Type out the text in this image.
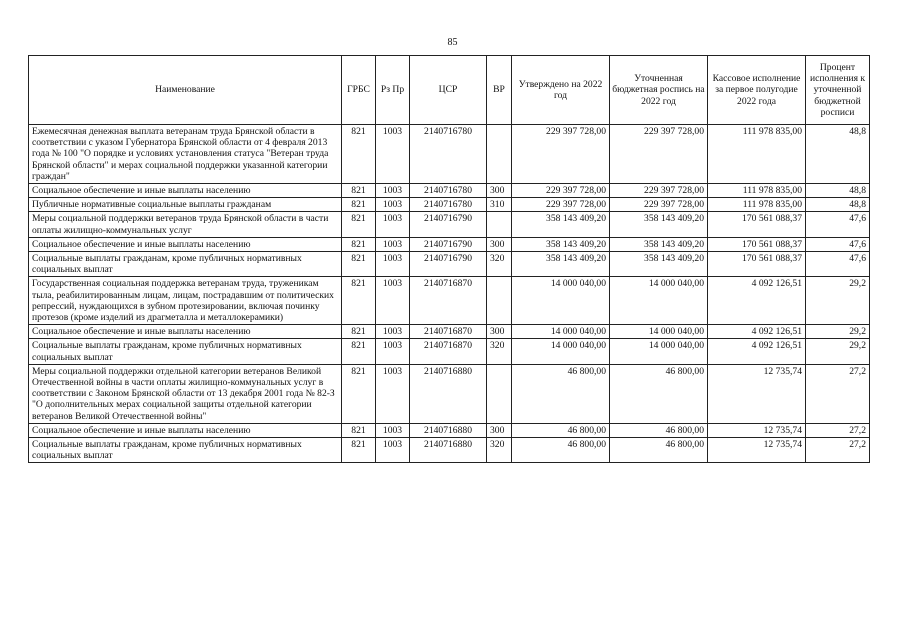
85
Наименование	ГРБС	Рз Пр	ЦСР	ВР	Утверждено на 2022 год	Уточненная бюджетная роспись на 2022 год	Кассовое исполнение за первое полугодие 2022 года	Процент исполнения к уточненной бюджетной росписи
Ежемесячная денежная выплата ветеранам труда Брянской области в соответствии с указом Губернатора Брянской области от 4 февраля 2013 года № 100 "О порядке и условиях установления статуса "Ветеран труда Брянской области" и мерах социальной поддержки указанной категории граждан"	821	1003	2140716780		229 397 728,00	229 397 728,00	111 978 835,00	48,8
Социальное обеспечение и иные выплаты населению	821	1003	2140716780	300	229 397 728,00	229 397 728,00	111 978 835,00	48,8
Публичные нормативные социальные выплаты гражданам	821	1003	2140716780	310	229 397 728,00	229 397 728,00	111 978 835,00	48,8
Меры социальной поддержки ветеранов труда Брянской области в части оплаты жилищно-коммунальных услуг	821	1003	2140716790		358 143 409,20	358 143 409,20	170 561 088,37	47,6
Социальное обеспечение и иные выплаты населению	821	1003	2140716790	300	358 143 409,20	358 143 409,20	170 561 088,37	47,6
Социальные выплаты гражданам, кроме публичных нормативных социальных выплат	821	1003	2140716790	320	358 143 409,20	358 143 409,20	170 561 088,37	47,6
Государственная социальная поддержка ветеранам труда, труженикам тыла, реабилитированным лицам, лицам, пострадавшим от политических репрессий, нуждающихся в зубном протезировании, включая починку протезов (кроме изделий из драгметалла и металлокерамики)	821	1003	2140716870		14 000 040,00	14 000 040,00	4 092 126,51	29,2
Социальное обеспечение и иные выплаты населению	821	1003	2140716870	300	14 000 040,00	14 000 040,00	4 092 126,51	29,2
Социальные выплаты гражданам, кроме публичных нормативных социальных выплат	821	1003	2140716870	320	14 000 040,00	14 000 040,00	4 092 126,51	29,2
Меры социальной поддержки отдельной категории ветеранов Великой Отечественной войны в части оплаты жилищно-коммунальных услуг в соответствии с Законом Брянской области от 13 декабря 2001 года № 82-З "О дополнительных мерах социальной защиты отдельной категории ветеранов Великой Отечественной войны"	821	1003	2140716880		46 800,00	46 800,00	12 735,74	27,2
Социальное обеспечение и иные выплаты населению	821	1003	2140716880	300	46 800,00	46 800,00	12 735,74	27,2
Социальные выплаты гражданам, кроме публичных нормативных социальных выплат	821	1003	2140716880	320	46 800,00	46 800,00	12 735,74	27,2
